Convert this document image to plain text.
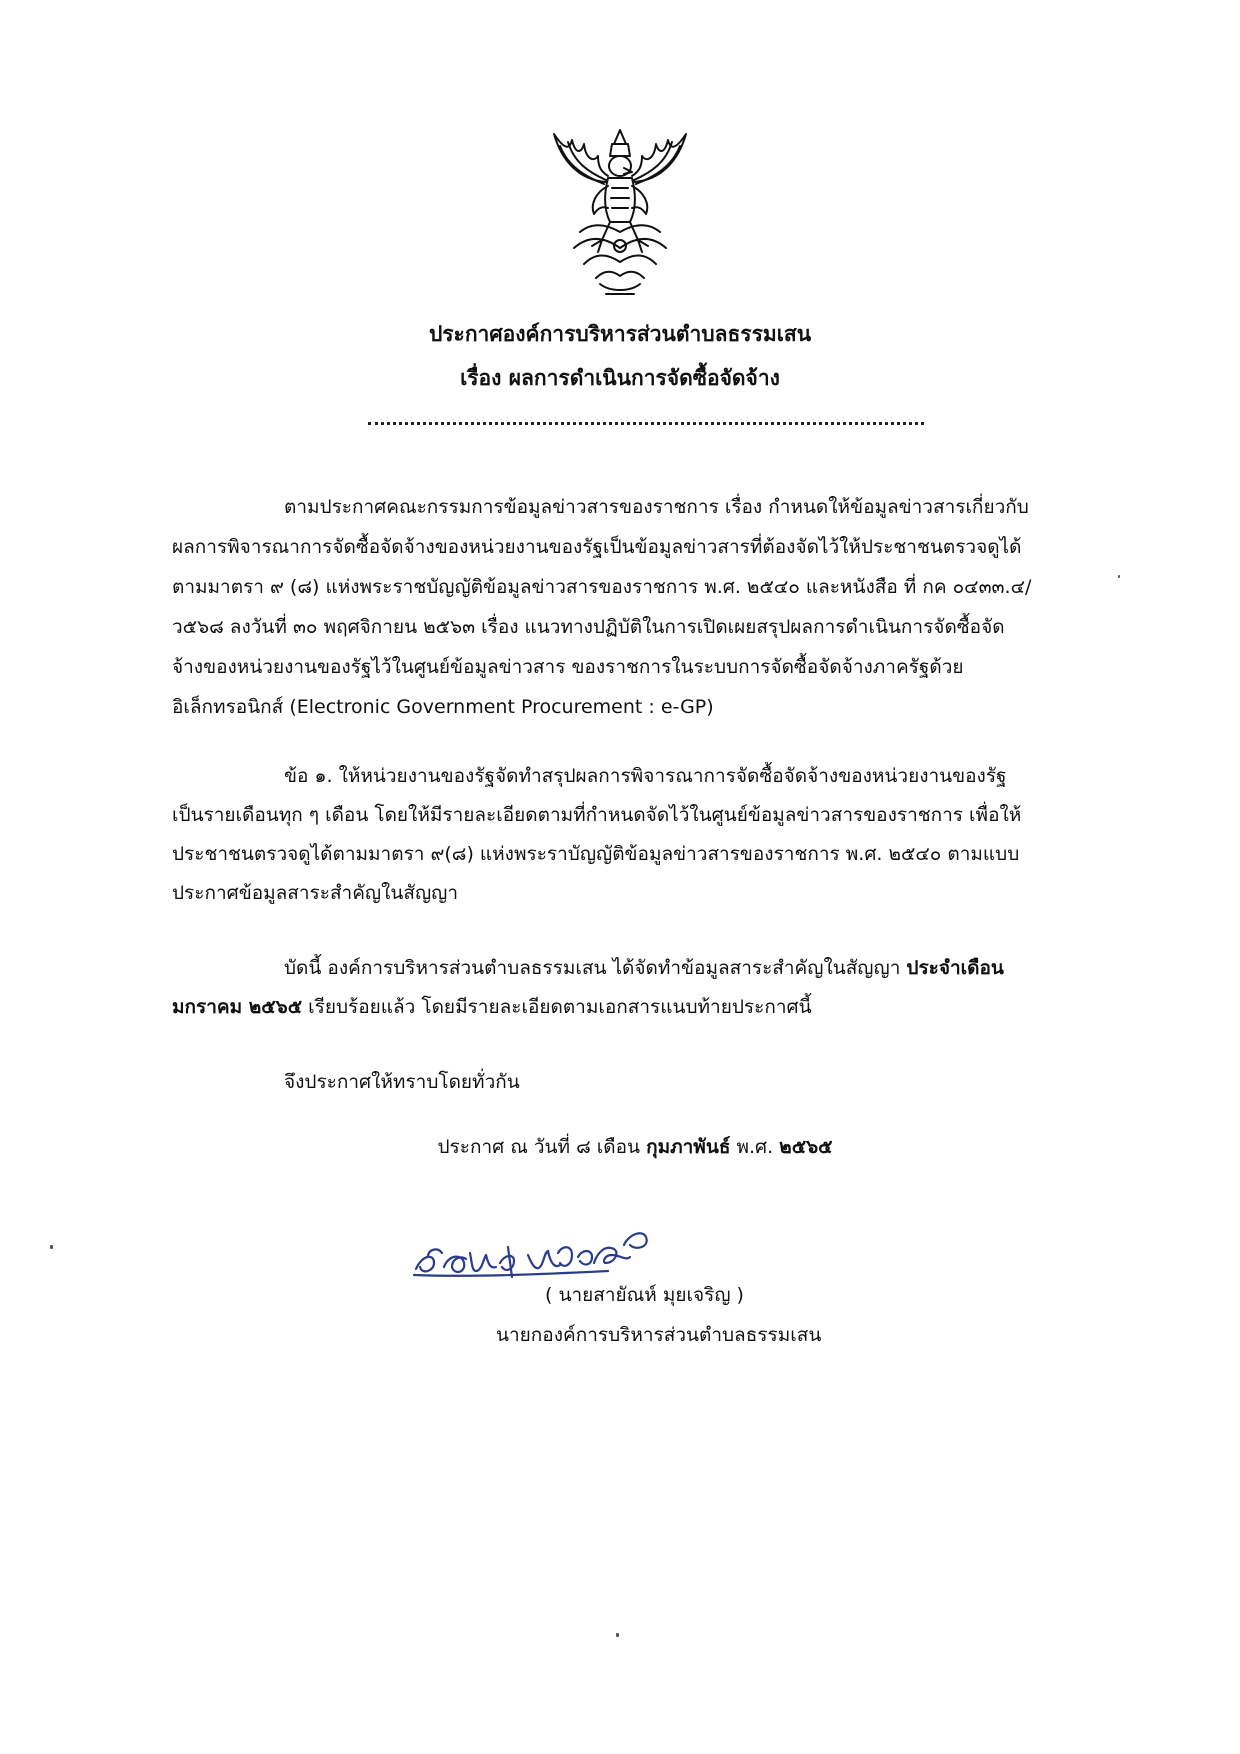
ประกาศองค์การบริหารส่วนตำบลธรรมเสน
เรื่อง ผลการดำเนินการจัดซื้อจัดจ้าง
ตามประกาศคณะกรรมการข้อมูลข่าวสารของราชการ เรื่อง กำหนดให้ข้อมูลข่าวสารเกี่ยวกับ
ผลการพิจารณาการจัดซื้อจัดจ้างของหน่วยงานของรัฐเป็นข้อมูลข่าวสารที่ต้องจัดไว้ให้ประชาชนตรวจดูได้
ตามมาตรา ๙ (๘) แห่งพระราชบัญญัติข้อมูลข่าวสารของราชการ พ.ศ. ๒๕๔๐ และหนังสือ ที่ กค ๐๔๓๓.๔/
ว๕๖๘ ลงวันที่ ๓๐ พฤศจิกายน ๒๕๖๓ เรื่อง แนวทางปฏิบัติในการเปิดเผยสรุปผลการดำเนินการจัดซื้อจัด
จ้างของหน่วยงานของรัฐไว้ในศูนย์ข้อมูลข่าวสาร ของราชการในระบบการจัดซื้อจัดจ้างภาครัฐด้วย
อิเล็กทรอนิกส์ (Electronic Government Procurement : e-GP)
ข้อ ๑. ให้หน่วยงานของรัฐจัดทำสรุปผลการพิจารณาการจัดซื้อจัดจ้างของหน่วยงานของรัฐ
เป็นรายเดือนทุก ๆ เดือน โดยให้มีรายละเอียดตามที่กำหนดจัดไว้ในศูนย์ข้อมูลข่าวสารของราชการ เพื่อให้
ประชาชนตรวจดูได้ตามมาตรา ๙(๘) แห่งพระราบัญญัติข้อมูลข่าวสารของราชการ พ.ศ. ๒๕๔๐ ตามแบบ
ประกาศข้อมูลสาระสำคัญในสัญญา
บัดนี้ องค์การบริหารส่วนตำบลธรรมเสน ได้จัดทำข้อมูลสาระสำคัญในสัญญา ประจำเดือน
มกราคม ๒๕๖๕ เรียบร้อยแล้ว โดยมีรายละเอียดตามเอกสารแนบท้ายประกาศนี้
จึงประกาศให้ทราบโดยทั่วกัน
ประกาศ ณ วันที่ ๘ เดือน กุมภาพันธ์ พ.ศ. ๒๕๖๕
( นายสายัณห์ มุยเจริญ )
นายกองค์การบริหารส่วนตำบลธรรมเสน
